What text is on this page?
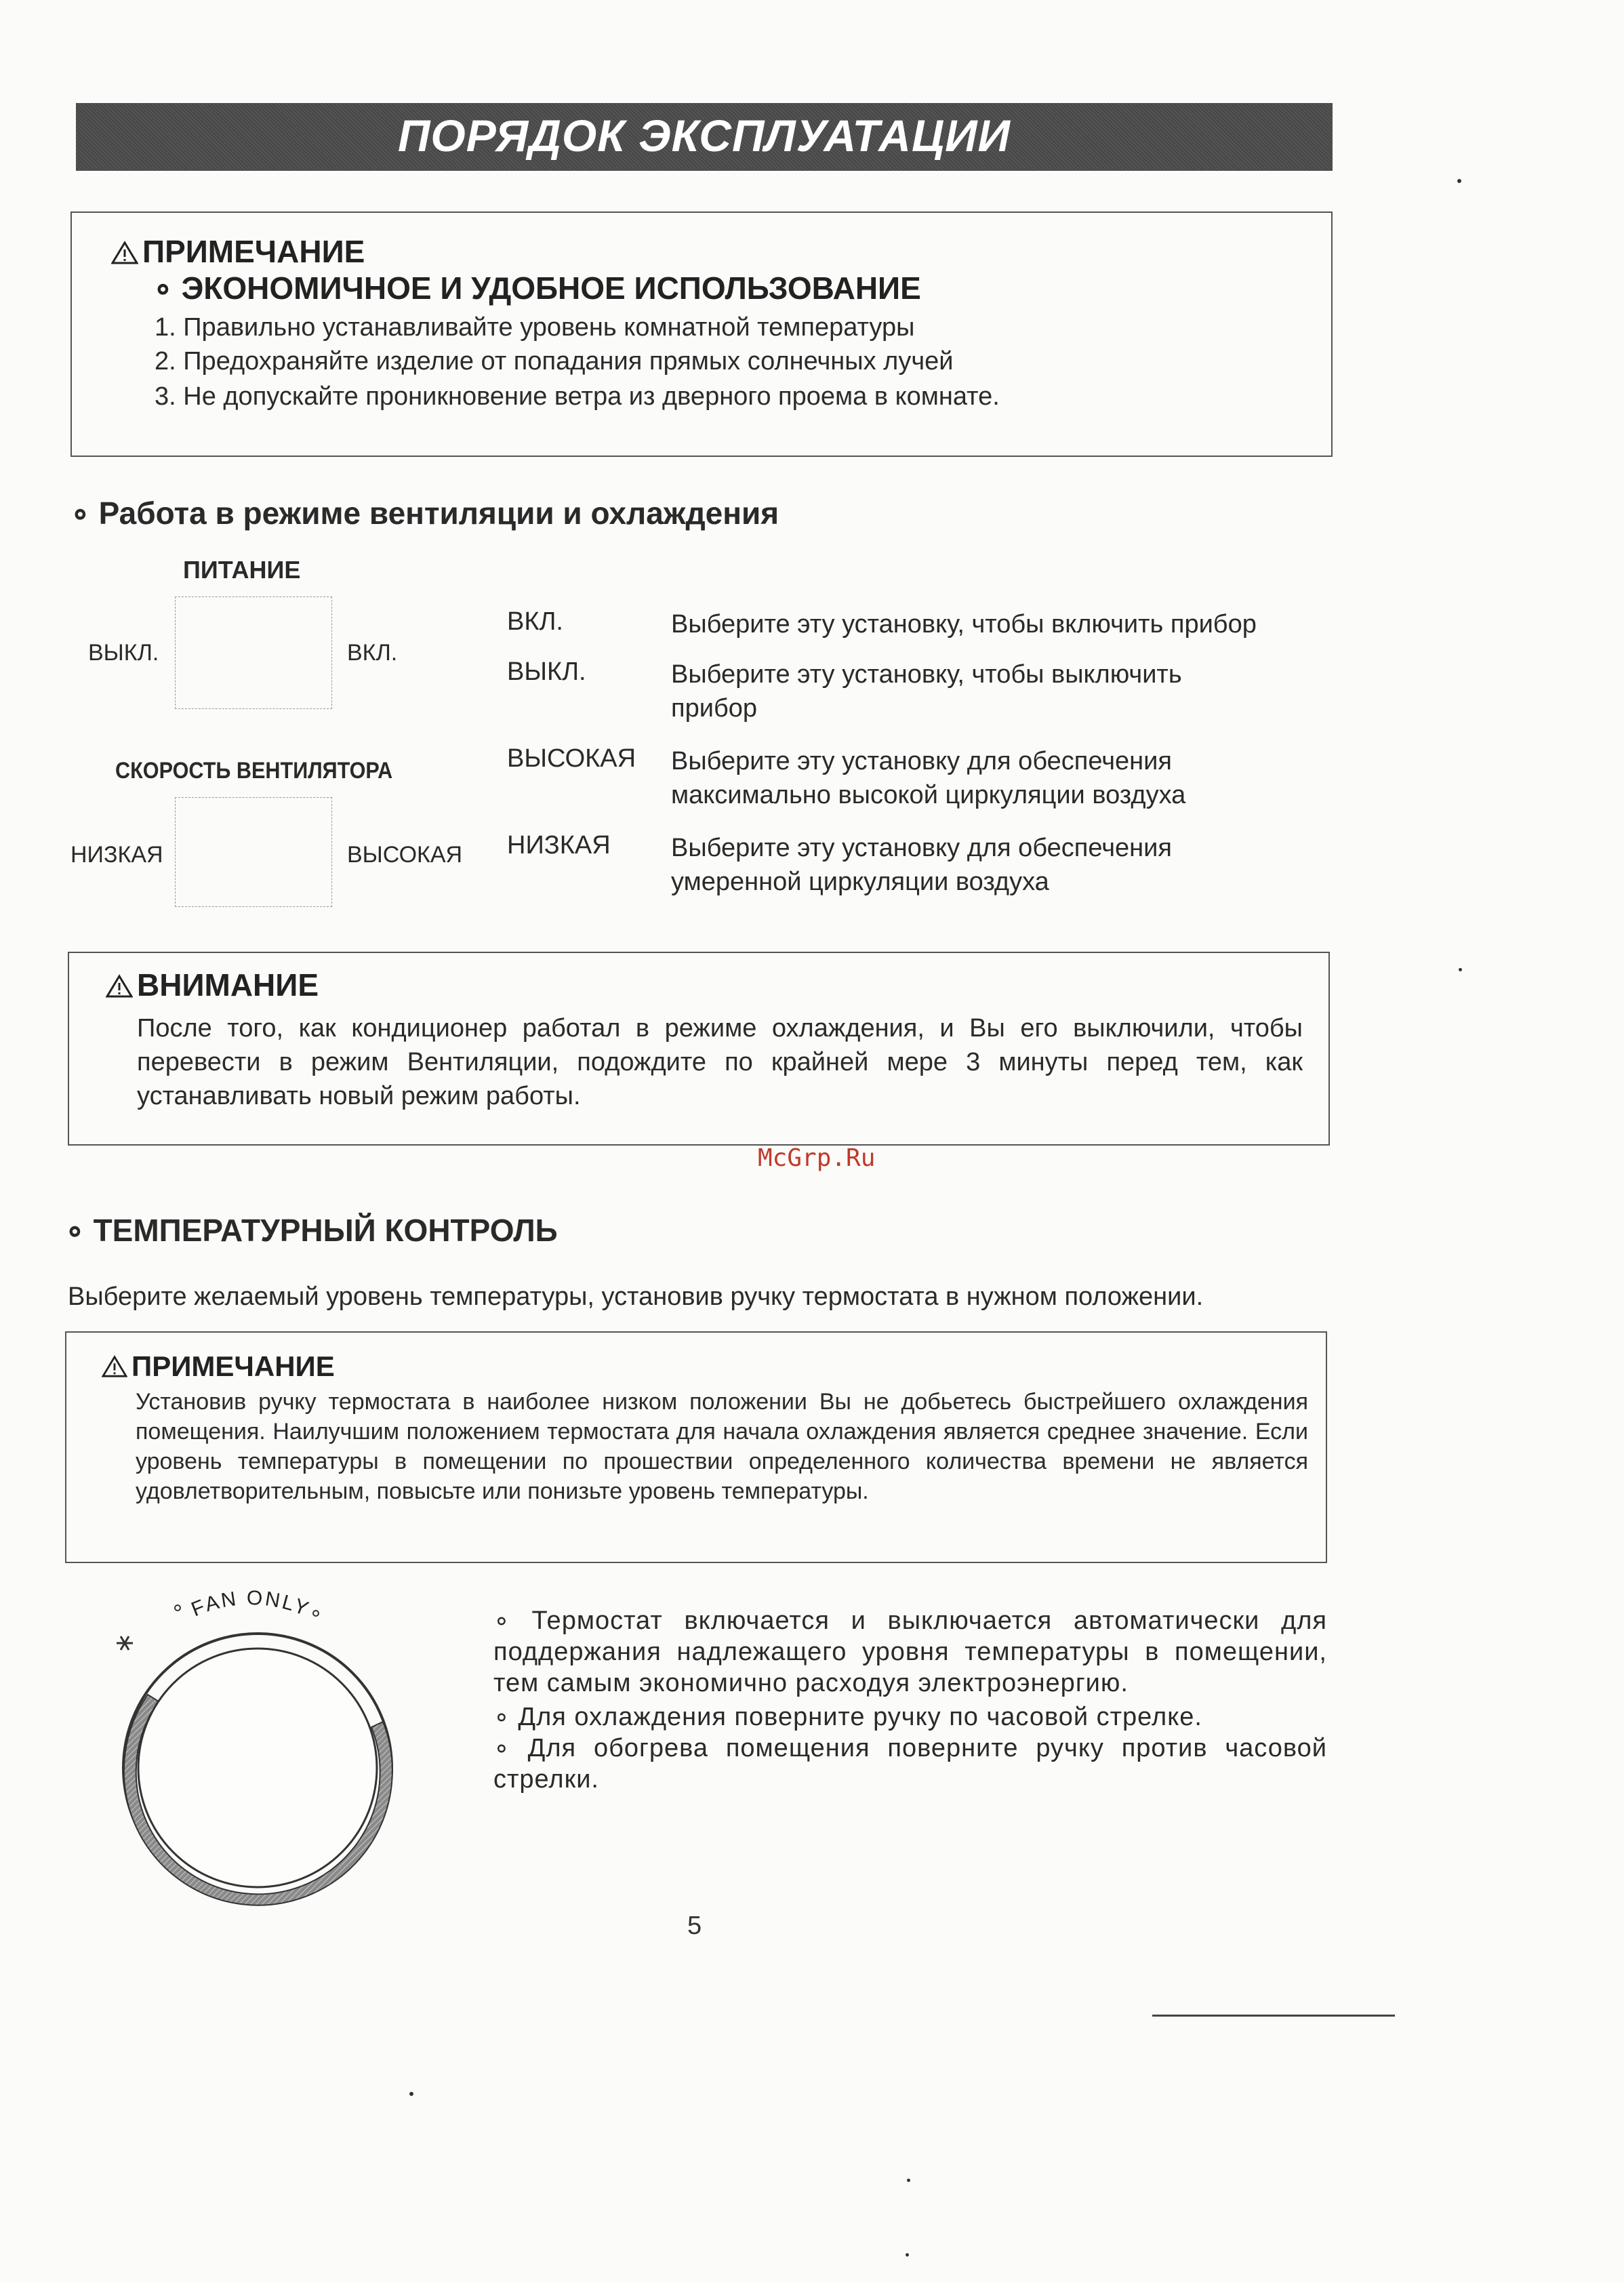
ПОРЯДОК ЭКСПЛУАТАЦИИ
ПРИМЕЧАНИЕ
∘ ЭКОНОМИЧНОЕ И УДОБНОЕ ИСПОЛЬЗОВАНИЕ
1. Правильно устанавливайте уровень комнатной температуры
2. Предохраняйте изделие от попадания прямых солнечных лучей
3. Не допускайте проникновение ветра из дверного проема в комнате.
∘ Работа в режиме вентиляции и охлаждения
ПИТАНИЕ
ВЫКЛ.	ВКЛ.
СКОРОСТЬ ВЕНТИЛЯТОРА
НИЗКАЯ	ВЫСОКАЯ
ВКЛ.	Выберите эту установку, чтобы включить прибор
ВЫКЛ.	Выберите эту установку, чтобы выключить прибор
ВЫСОКАЯ Выберите эту установку для обеспечения максимально высокой циркуляции воздуха
НИЗКАЯ Выберите эту установку для обеспечения умеренной циркуляции воздуха
ВНИМАНИЕ
После того, как кондиционер работал в режиме охлаждения, и Вы его выключили, чтобы перевести в режим Вентиляции, подождите по крайней мере 3 минуты перед тем, как устанавливать новый режим работы.
McGrp.Ru
∘ ТЕМПЕРАТУРНЫЙ КОНТРОЛЬ
Выберите желаемый уровень температуры, установив ручку термостата в нужном положении.
ПРИМЕЧАНИЕ
Установив ручку термостата в наиболее низком положении Вы не добьетесь быстрейшего охлаждения помещения. Наилучшим положением термостата для начала охлаждения является среднее значение. Если уровень температуры в помещении по прошествии определенного количества времени не является удовлетворительным, повысьте или понизьте уровень температуры.
FAN ONLY	∘ Термостат включается и выключается автоматически для поддержания надлежащего уровня температуры в помещении, тем самым экономично расходуя электроэнергию.
∘ Для охлаждения поверните ручку по часовой стрелке.
∘ Для обогрева помещения поверните ручку против часовой стрелки.
5
